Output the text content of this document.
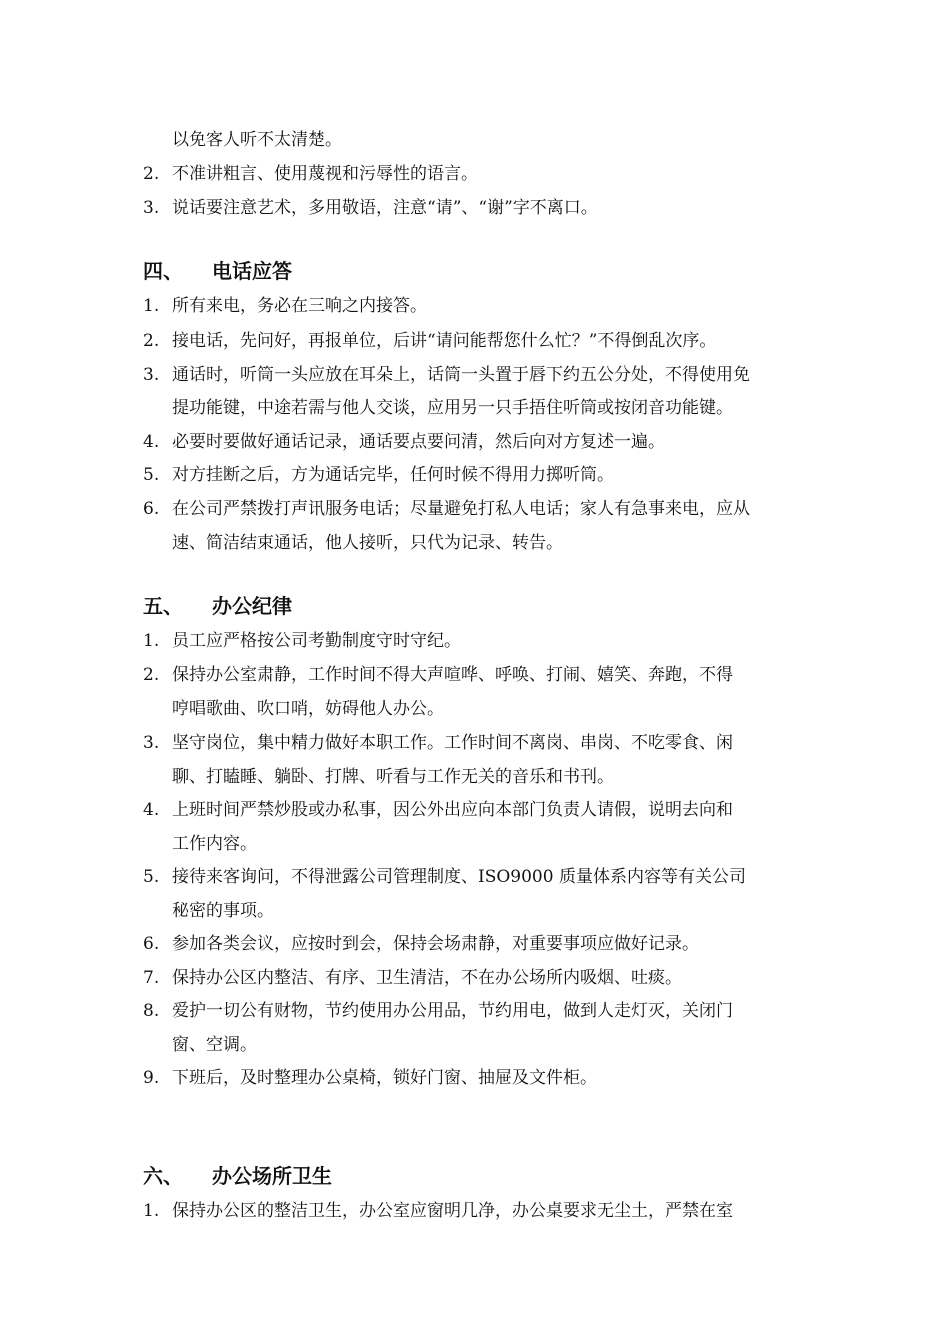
以免客人听不太清楚。
2. 不准讲粗言、使用蔑视和污辱性的语言。
3. 说话要注意艺术，多用敬语，注意“请”、“谢”字不离口。
四、 电话应答
1. 所有来电，务必在三响之内接答。
2. 接电话，先问好，再报单位，后讲“请问能帮您什么忙？”不得倒乱次序。
3. 通话时，听筒一头应放在耳朵上，话筒一头置于唇下约五公分处，不得使用免
提功能键，中途若需与他人交谈，应用另一只手捂住听筒或按闭音功能键。
4. 必要时要做好通话记录，通话要点要问清，然后向对方复述一遍。
5. 对方挂断之后，方为通话完毕，任何时候不得用力掷听筒。
6. 在公司严禁拨打声讯服务电话；尽量避免打私人电话；家人有急事来电，应从
速、简洁结束通话，他人接听，只代为记录、转告。
五、 办公纪律
1. 员工应严格按公司考勤制度守时守纪。
2. 保持办公室肃静，工作时间不得大声喧哗、呼唤、打闹、嬉笑、奔跑，不得
哼唱歌曲、吹口哨，妨碍他人办公。
3. 坚守岗位，集中精力做好本职工作。工作时间不离岗、串岗、不吃零食、闲
聊、打瞌睡、躺卧、打牌、听看与工作无关的音乐和书刊。
4. 上班时间严禁炒股或办私事，因公外出应向本部门负责人请假，说明去向和
工作内容。
5. 接待来客询问，不得泄露公司管理制度、ISO9000 质量体系内容等有关公司
秘密的事项。
6. 参加各类会议，应按时到会，保持会场肃静，对重要事项应做好记录。
7. 保持办公区内整洁、有序、卫生清洁，不在办公场所内吸烟、吐痰。
8. 爱护一切公有财物，节约使用办公用品，节约用电，做到人走灯灭，关闭门
窗、空调。
9. 下班后，及时整理办公桌椅，锁好门窗、抽屉及文件柜。
六、 办公场所卫生
1. 保持办公区的整洁卫生，办公室应窗明几净，办公桌要求无尘土，严禁在室
